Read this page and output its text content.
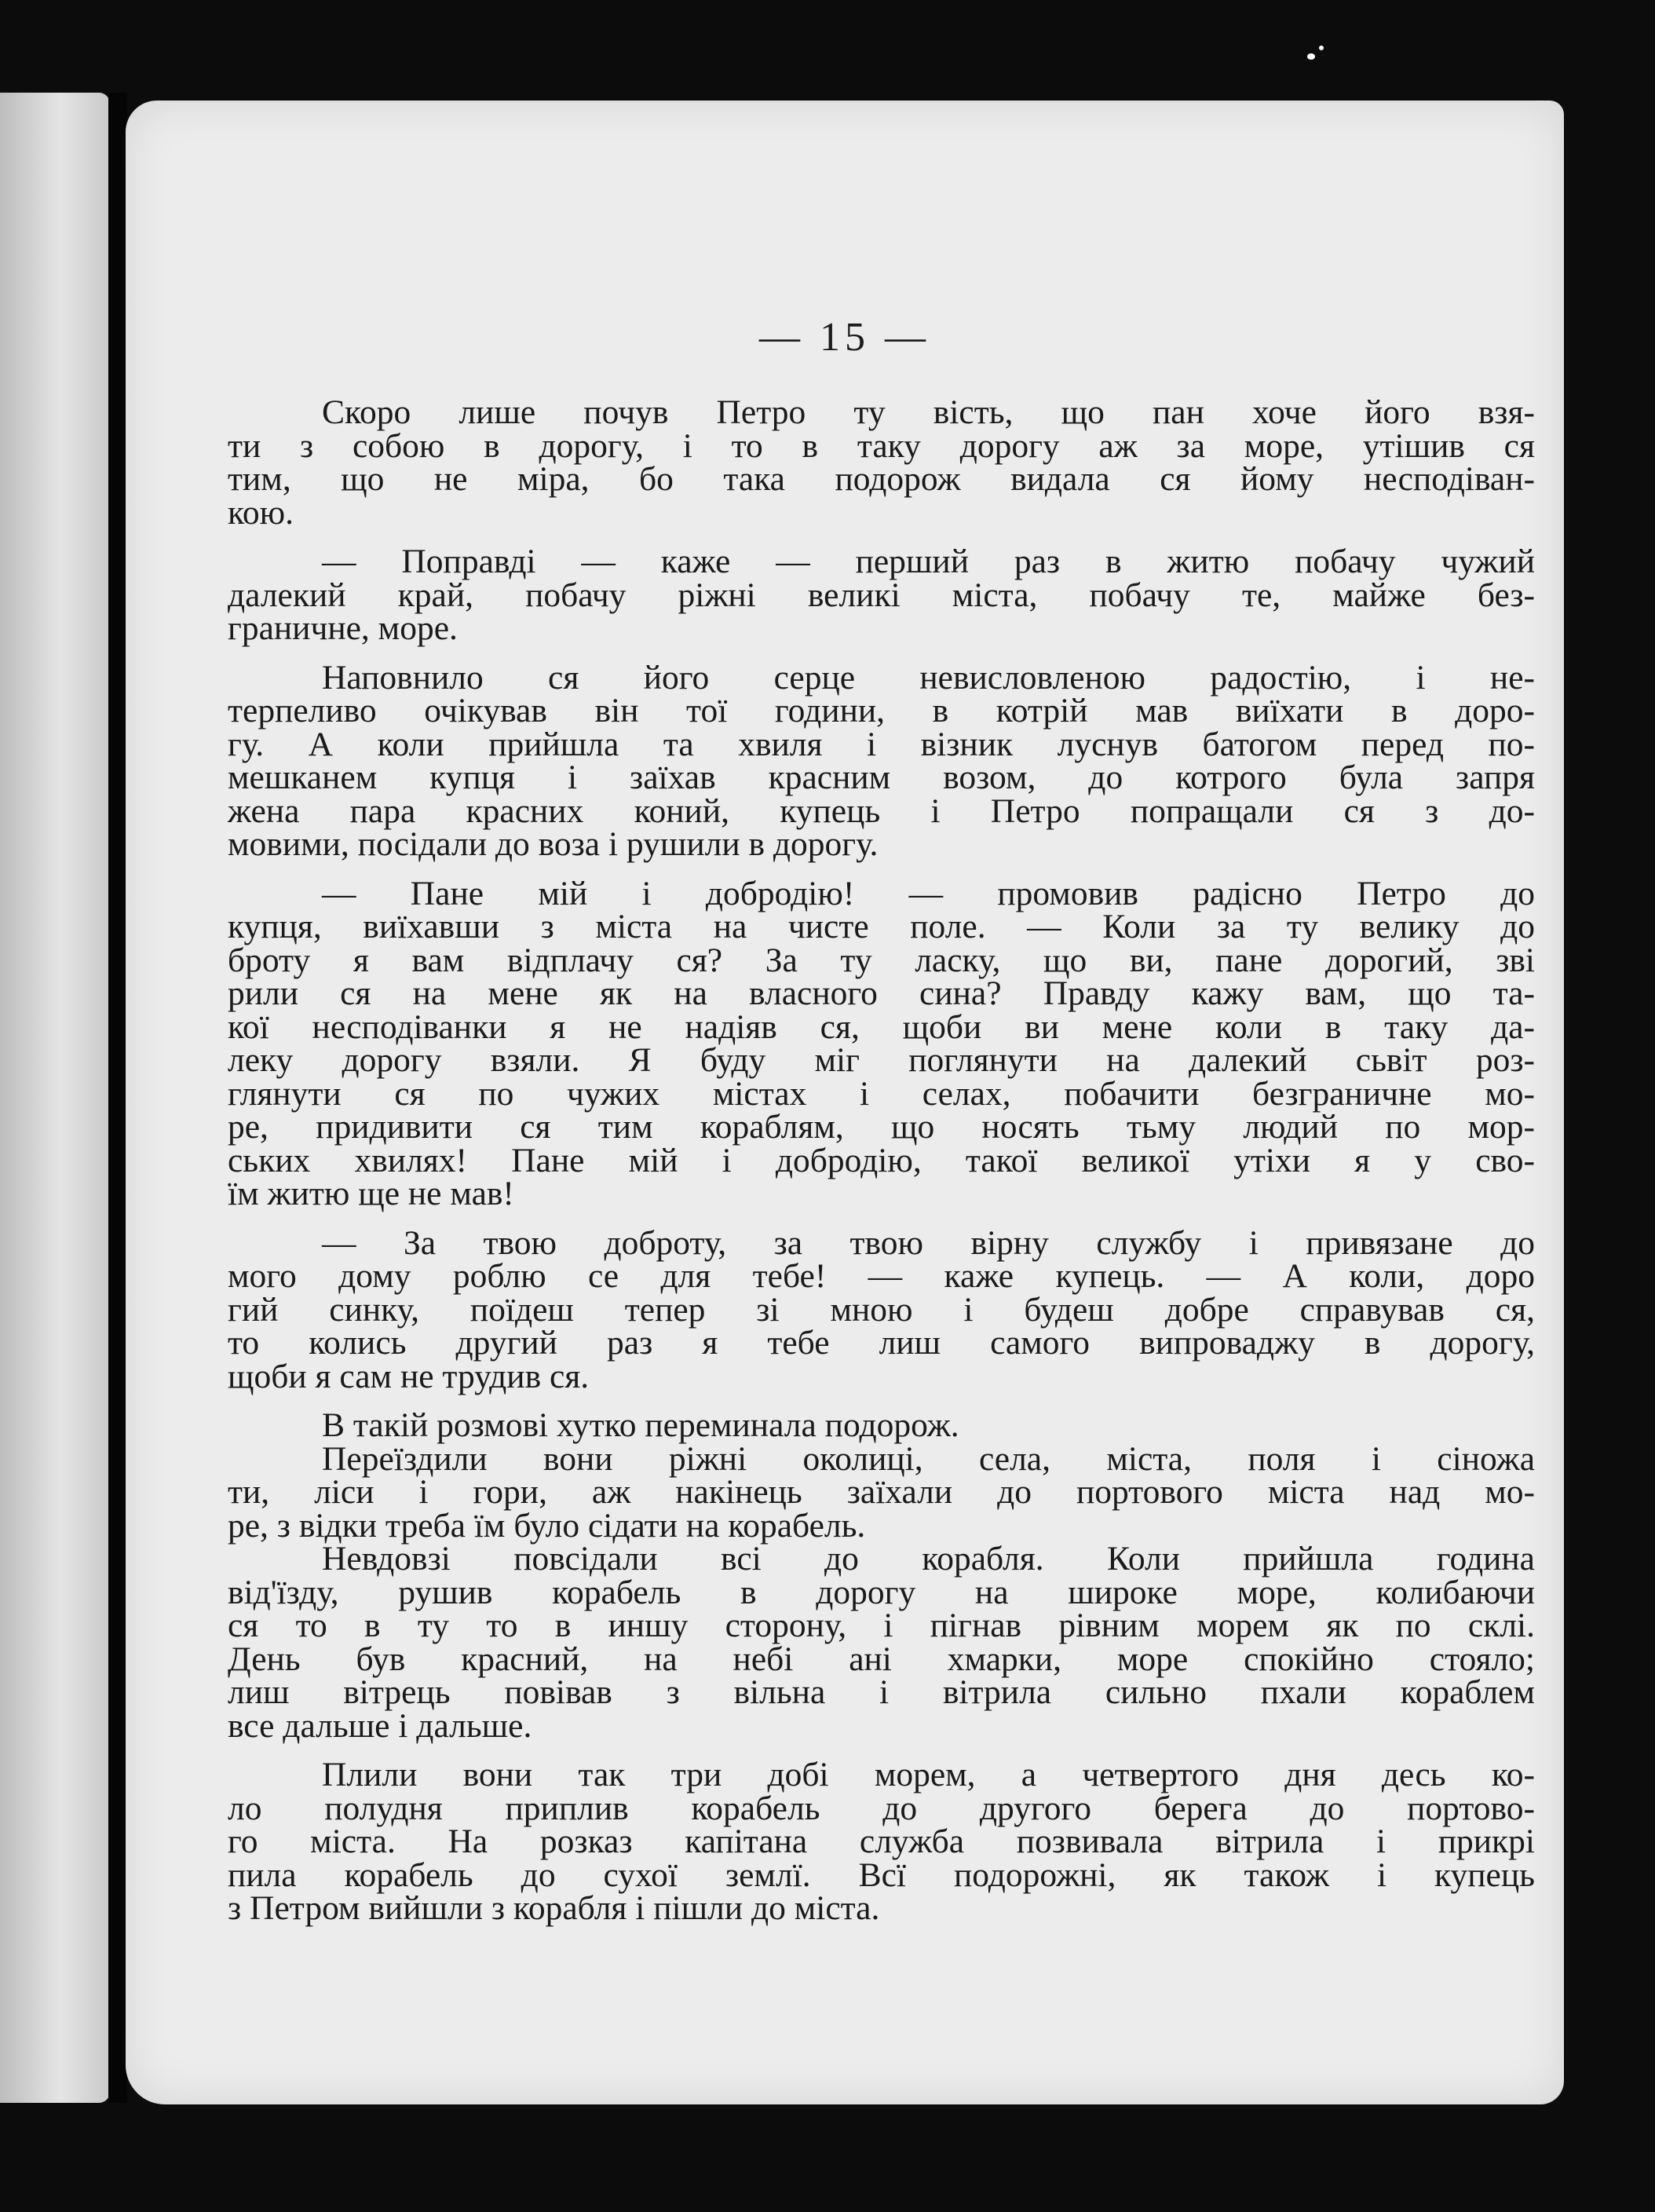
— 15 —

Скоро лише почув Петро ту вість, що пан хоче його взя-
ти з собою в дорогу, і то в таку дорогу аж за море, утішив ся
тим, що не міра, бо така подорож видала ся йому несподіван-
кою.

— Поправді — каже — перший раз в житю побачу чужий
далекий край, побачу ріжні великі міста, побачу те, майже без-
граничне, море.

Наповнило ся його серце невисловленою радостію, і не-
терпеливо очікував він тої години, в котрій мав виїхати в доро-
гу. А коли прийшла та хвиля і візник луснув батогом перед по-
мешканем купця і заїхав красним возом, до котрого була запря
жена пара красних коний, купець і Петро попращали ся з до-
мовими, посідали до воза і рушили в дорогу.

— Пане мій і добродію! — промовив радісно Петро до
купця, виїхавши з міста на чисте поле. — Коли за ту велику до
броту я вам відплачу ся? За ту ласку, що ви, пане дорогий, зві
рили ся на мене як на власного сина? Правду кажу вам, що та-
кої несподіванки я не надіяв ся, щоби ви мене коли в таку да-
леку дорогу взяли. Я буду міг поглянути на далекий сьвіт роз-
глянути ся по чужих містах і селах, побачити безграничне мо-
ре, придивити ся тим кораблям, що носять тьму людий по мор-
ських хвилях! Пане мій і добродію, такої великої утіхи я у сво-
їм житю ще не мав!

— За твою доброту, за твою вірну службу і привязане до
мого дому роблю се для тебе! — каже купець. — А коли, доро
гий синку, поїдеш тепер зі мною і будеш добре справував ся,
то колись другий раз я тебе лиш самого випроваджу в дорогу,
щоби я сам не трудив ся.

В такій розмові хутко переминала подорож.

Переїздили вони ріжні околиці, села, міста, поля і сіножа
ти, ліси і гори, аж накінець заїхали до портового міста над мо-
ре, з відки треба їм було сідати на корабель.

Невдовзі повсідали всі до корабля. Коли прийшла година
від'їзду, рушив корабель в дорогу на широке море, колибаючи
ся то в ту то в иншу сторону, і пігнав рівним морем як по склі.
День був красний, на небі ані хмарки, море спокійно стояло;
лиш вітрець повівав з вільна і вітрила сильно пхали кораблем
все дальше і дальше.

Плили вони так три добі морем, а четвертого дня десь ко-
ло полудня приплив корабель до другого берега до портово-
го міста. На розказ капітана служба позвивала вітрила і прикрі
пила корабель до сухої землї. Всї подорожні, як також і купець
з Петром вийшли з корабля і пішли до міста.
